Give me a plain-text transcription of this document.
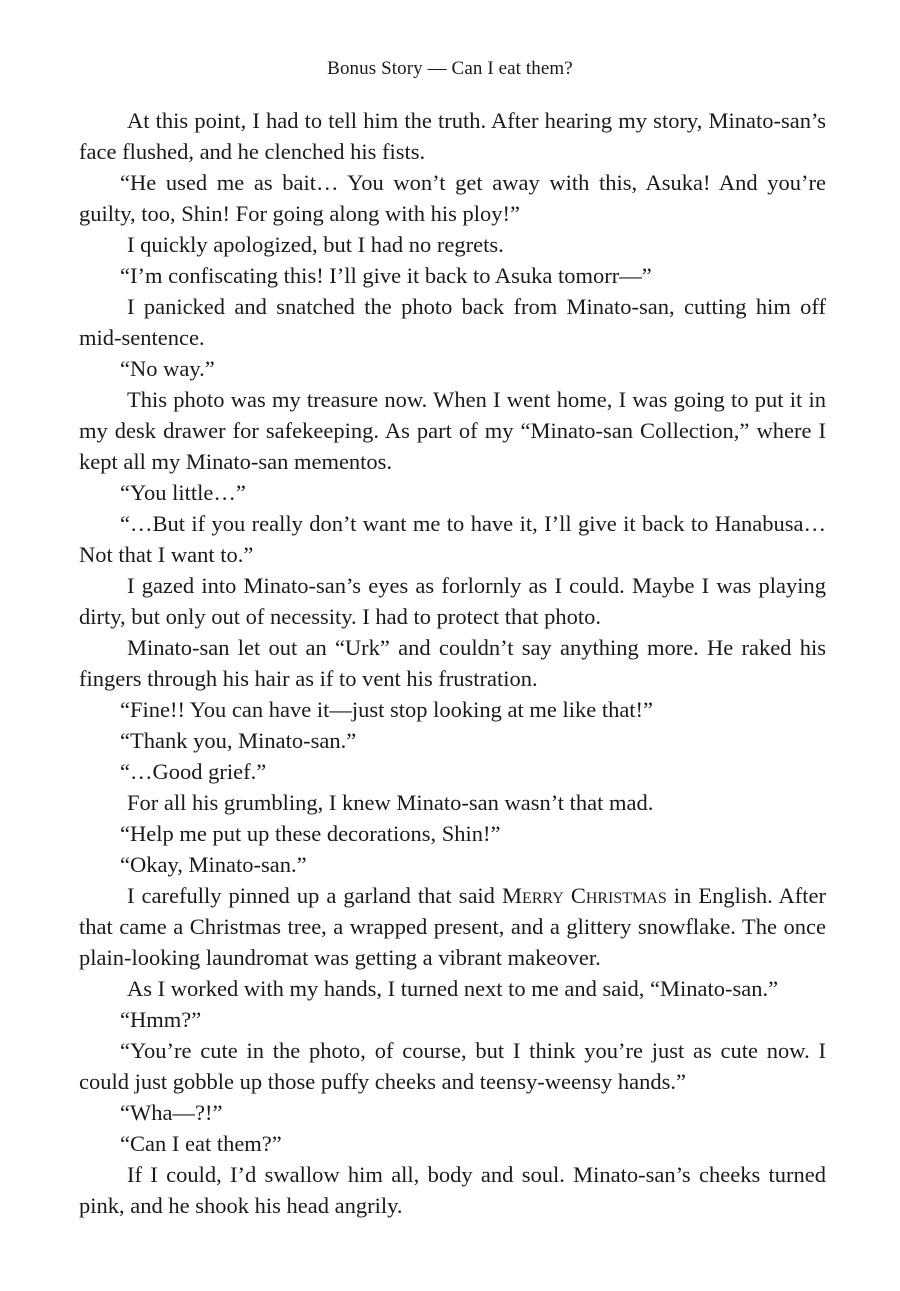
Bonus Story — Can I eat them?

At this point, I had to tell him the truth. After hearing my story, Minato-san’s face flushed, and he clenched his fists.

“He used me as bait… You won’t get away with this, Asuka! And you’re guilty, too, Shin! For going along with his ploy!”

I quickly apologized, but I had no regrets.

“I’m confiscating this! I’ll give it back to Asuka tomorr—”

I panicked and snatched the photo back from Minato-san, cutting him off mid-sentence.

“No way.”

This photo was my treasure now. When I went home, I was going to put it in my desk drawer for safekeeping. As part of my “Minato-san Collection,” where I kept all my Minato-san mementos.

“You little…”

“…But if you really don’t want me to have it, I’ll give it back to Hanabusa… Not that I want to.”

I gazed into Minato-san’s eyes as forlornly as I could. Maybe I was playing dirty, but only out of necessity. I had to protect that photo.

Minato-san let out an “Urk” and couldn’t say anything more. He raked his fingers through his hair as if to vent his frustration.

“Fine!! You can have it—just stop looking at me like that!”

“Thank you, Minato-san.”

“…Good grief.”

For all his grumbling, I knew Minato-san wasn’t that mad.

“Help me put up these decorations, Shin!”

“Okay, Minato-san.”

I carefully pinned up a garland that said Merry Christmas in English. After that came a Christmas tree, a wrapped present, and a glittery snowflake. The once plain-looking laundromat was getting a vibrant makeover.

As I worked with my hands, I turned next to me and said, “Minato-san.”

“Hmm?”

“You’re cute in the photo, of course, but I think you’re just as cute now. I could just gobble up those puffy cheeks and teensy-weensy hands.”

“Wha—?!”

“Can I eat them?”

If I could, I’d swallow him all, body and soul. Minato-san’s cheeks turned pink, and he shook his head angrily.
